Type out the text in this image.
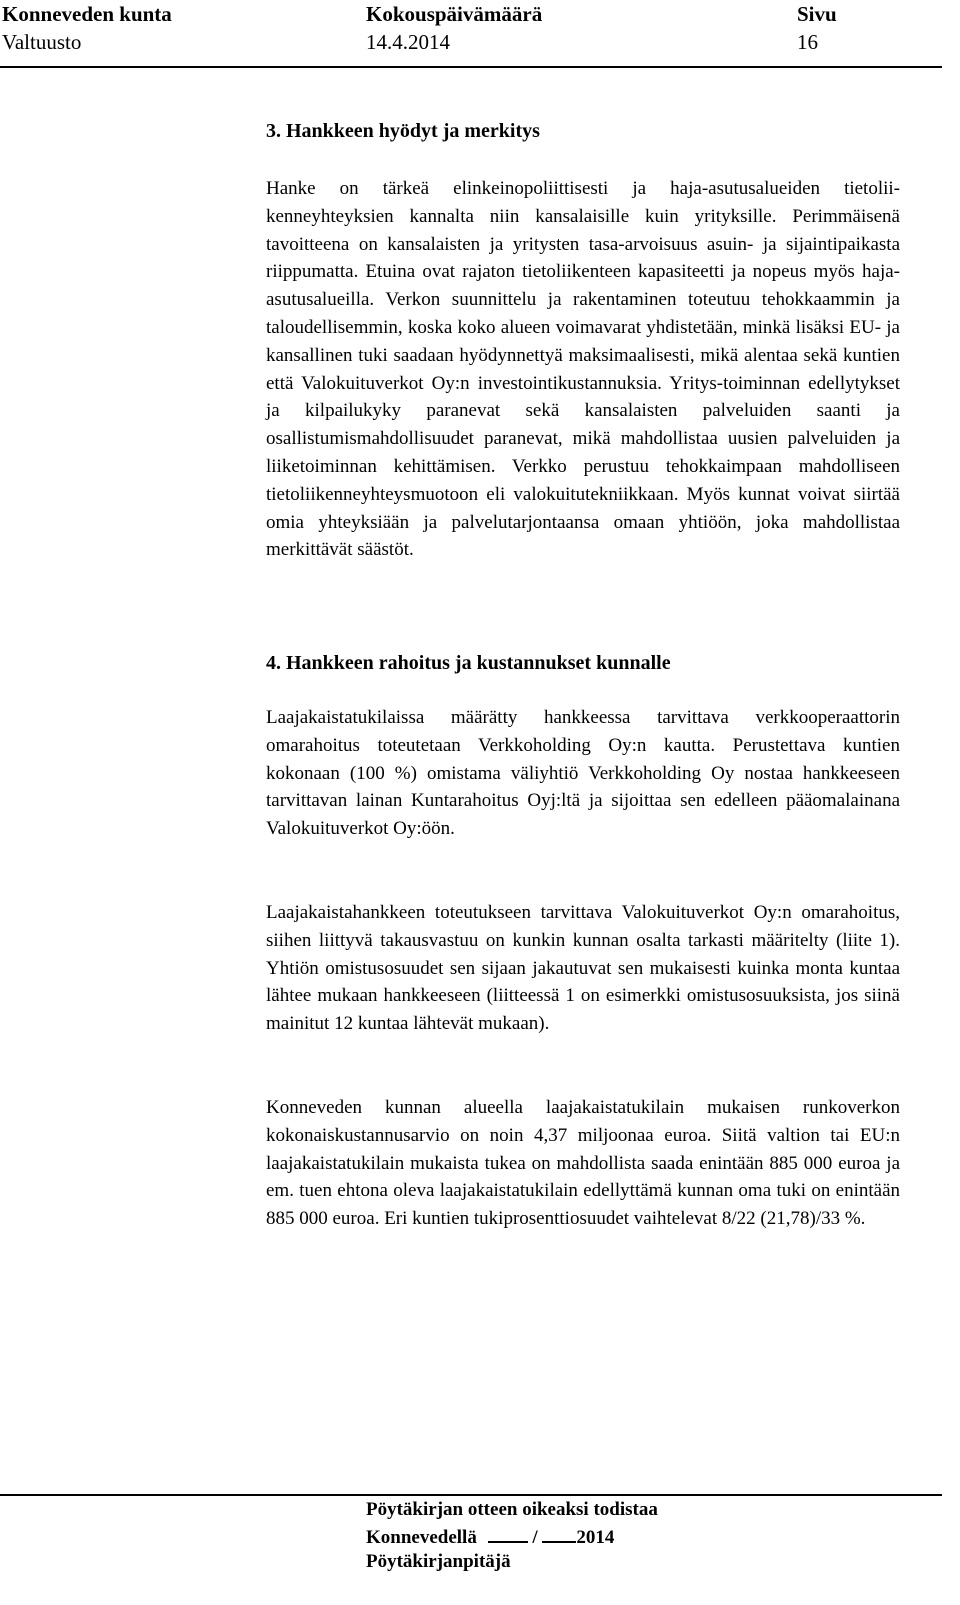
Konneveden kunta	Kokouspäivämäärä	Sivu
Valtuusto	14.4.2014	16
3. Hankkeen hyödyt ja merkitys

Hanke on tärkeä elinkeinopoliittisesti ja haja-asutusalueiden tietoliikenneyhteyksien kannalta niin kansalaisille kuin yrityksille. Perimmäisenä tavoitteena on kansalaisten ja yritysten tasa-arvoisuus asuin- ja sijaintipaikasta riippumatta. Etuina ovat rajaton tietoliikenteen kapasiteetti ja nopeus myös haja-asutusalueilla. Verkon suunnittelu ja rakentaminen toteutuu tehokkaammin ja taloudellisemmin, koska koko alueen voimavarat yhdistetään, minkä lisäksi EU- ja kansallinen tuki saadaan hyödynnettyä maksimaalisesti, mikä alentaa sekä kuntien että Valokuituverkot Oy:n investointikustannuksia. Yritys-toiminnan edellytykset ja kilpailukyky paranevat sekä kansalaisten palveluiden saanti ja osallistumismahdollisuudet paranevat, mikä mahdollistaa uusien palveluiden ja liiketoiminnan kehittämisen. Verkko perustuu tehokkaimpaan mahdolliseen tietoliikenneyhteysmuotoon eli valokuitutekniikkaan. Myös kunnat voivat siirtää omia yhteyksiään ja palvelutarjontaansa omaan yhtiöön, joka mahdollistaa merkittävät säästöt.

4. Hankkeen rahoitus ja kustannukset kunnalle

Laajakaistatukilaissa määrätty hankkeessa tarvittava verkkooperaattorin omarahoitus toteutetaan Verkkoholding Oy:n kautta. Perustettava kuntien kokonaan (100 %) omistama väliyhtiö Verkkoholding Oy nostaa hankkeeseen tarvittavan lainan Kuntarahoitus Oyj:ltä ja sijoittaa sen edelleen pääomalainana Valokuituverkot Oy:öön.

Laajakaistahankkeen toteutukseen tarvittava Valokuituverkot Oy:n omarahoitus, siihen liittyvä takausvastuu on kunkin kunnan osalta tarkasti määritelty (liite 1). Yhtiön omistusosuudet sen sijaan jakautuvat sen mukaisesti kuinka monta kuntaa lähtee mukaan hankkeeseen (liitteessä 1 on esimerkki omistusosuuksista, jos siinä mainitut 12 kuntaa lähtevät mukaan).

Konneveden kunnan alueella laajakaistatukilain mukaisen runkoverkon kokonaiskustannusarvio on noin 4,37 miljoonaa euroa. Siitä valtion tai EU:n laajakaistatukilain mukaista tukea on mahdollista saada enintään 885 000 euroa ja em. tuen ehtona oleva laajakaistatukilain edellyttämä kunnan oma tuki on enintään 885 000 euroa. Eri kuntien tukiprosenttiosuudet vaihtelevat 8/22 (21,78)/33 %.

Pöytäkirjan otteen oikeaksi todistaa
Konnevedellä	/ 2014
Pöytäkirjanpitäjä
